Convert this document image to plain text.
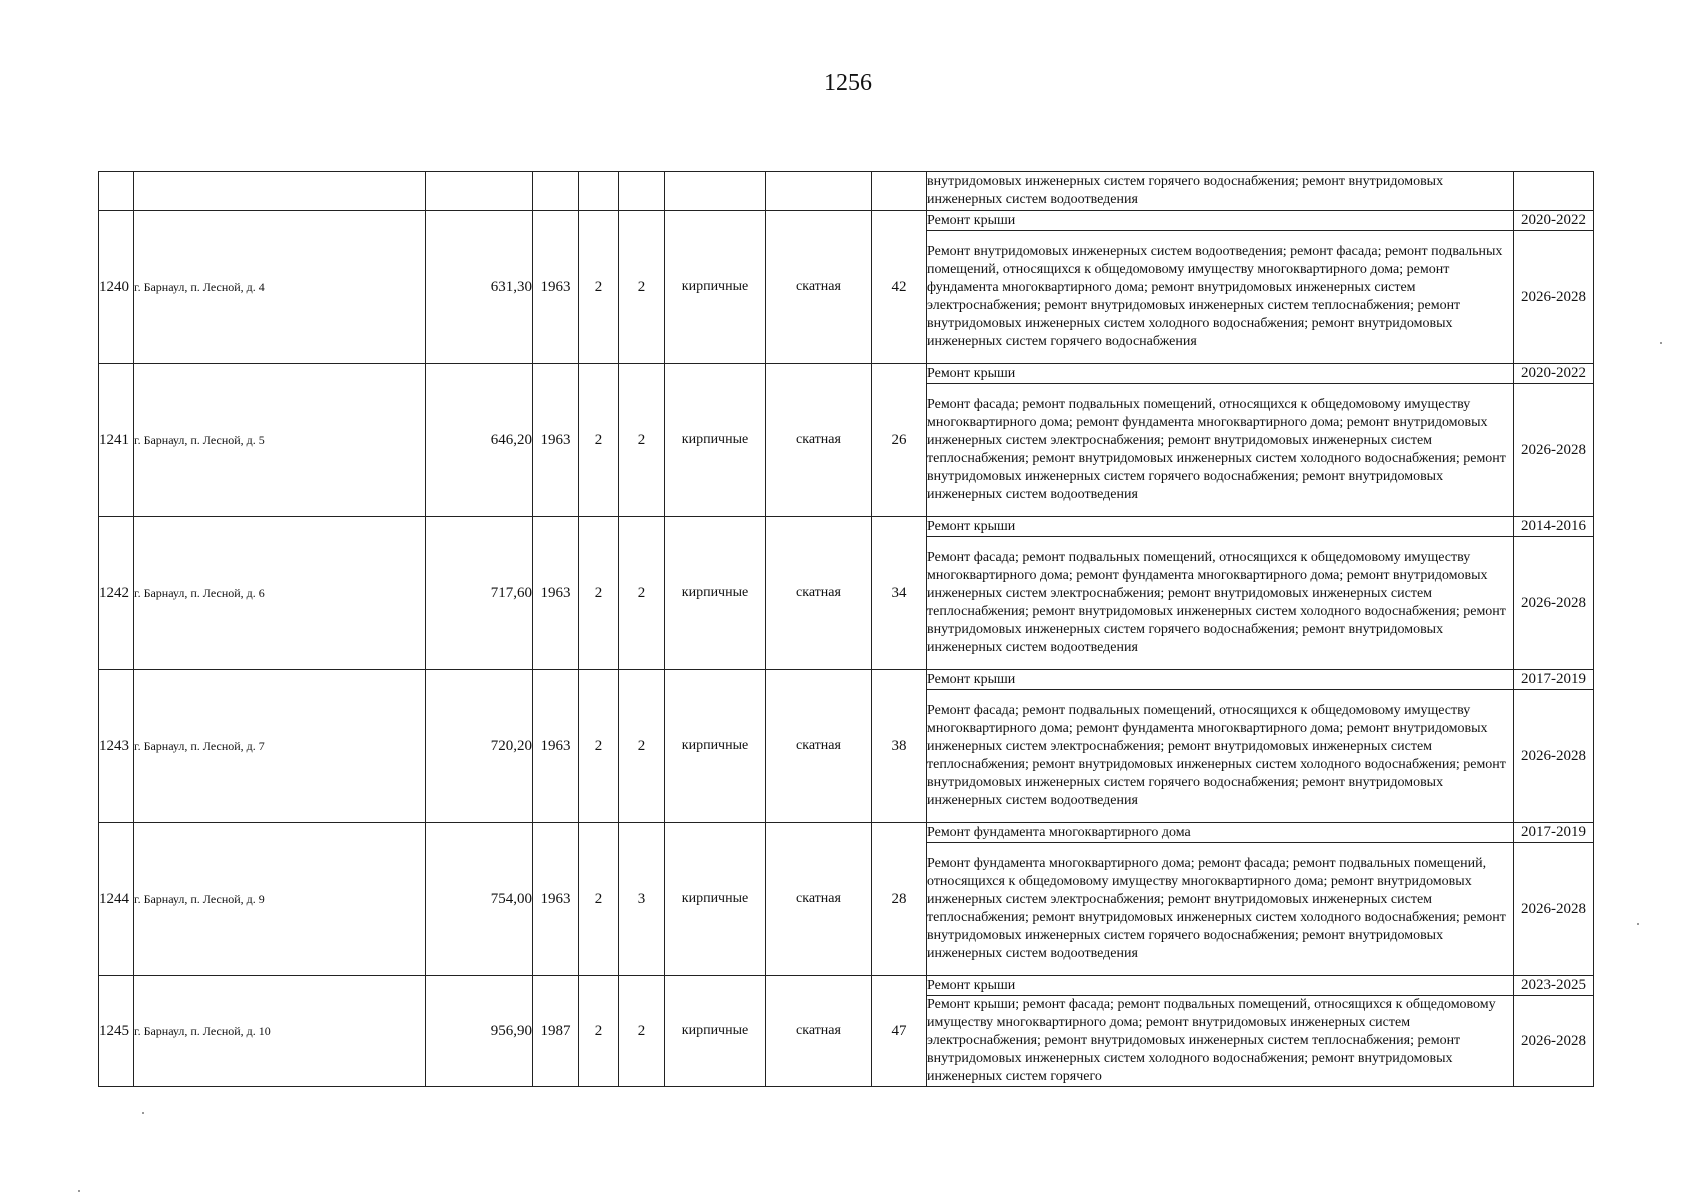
1256
									внутридомовых инженерных систем горячего водоснабжения; ремонт внутридомовых инженерных систем водоотведения	
1240	г. Барнаул, п. Лесной, д. 4	631,30	1963	2	2	кирпичные	скатная	42	Ремонт крыши	2020-2022
									Ремонт внутридомовых инженерных систем водоотведения; ремонт фасада; ремонт подвальных помещений, относящихся к общедомовому имуществу многоквартирного дома; ремонт фундамента многоквартирного дома; ремонт внутридомовых инженерных систем электроснабжения; ремонт внутридомовых инженерных систем теплоснабжения; ремонт внутридомовых инженерных систем холодного водоснабжения; ремонт внутридомовых инженерных систем горячего водоснабжения	2026-2028
1241	г. Барнаул, п. Лесной, д. 5	646,20	1963	2	2	кирпичные	скатная	26	Ремонт крыши	2020-2022
									Ремонт фасада; ремонт подвальных помещений, относящихся к общедомовому имуществу многоквартирного дома; ремонт фундамента многоквартирного дома; ремонт внутридомовых инженерных систем электроснабжения; ремонт внутридомовых инженерных систем теплоснабжения; ремонт внутридомовых инженерных систем холодного водоснабжения; ремонт внутридомовых инженерных систем горячего водоснабжения; ремонт внутридомовых инженерных систем водоотведения	2026-2028
1242	г. Барнаул, п. Лесной, д. 6	717,60	1963	2	2	кирпичные	скатная	34	Ремонт крыши	2014-2016
									Ремонт фасада; ремонт подвальных помещений, относящихся к общедомовому имуществу многоквартирного дома; ремонт фундамента многоквартирного дома; ремонт внутридомовых инженерных систем электроснабжения; ремонт внутридомовых инженерных систем теплоснабжения; ремонт внутридомовых инженерных систем холодного водоснабжения; ремонт внутридомовых инженерных систем горячего водоснабжения; ремонт внутридомовых инженерных систем водоотведения	2026-2028
1243	г. Барнаул, п. Лесной, д. 7	720,20	1963	2	2	кирпичные	скатная	38	Ремонт крыши	2017-2019
									Ремонт фасада; ремонт подвальных помещений, относящихся к общедомовому имуществу многоквартирного дома; ремонт фундамента многоквартирного дома; ремонт внутридомовых инженерных систем электроснабжения; ремонт внутридомовых инженерных систем теплоснабжения; ремонт внутридомовых инженерных систем холодного водоснабжения; ремонт внутридомовых инженерных систем горячего водоснабжения; ремонт внутридомовых инженерных систем водоотведения	2026-2028
1244	г. Барнаул, п. Лесной, д. 9	754,00	1963	2	3	кирпичные	скатная	28	Ремонт фундамента многоквартирного дома	2017-2019
									Ремонт фундамента многоквартирного дома; ремонт фасада; ремонт подвальных помещений, относящихся к общедомовому имуществу многоквартирного дома; ремонт внутридомовых инженерных систем электроснабжения; ремонт внутридомовых инженерных систем теплоснабжения; ремонт внутридомовых инженерных систем холодного водоснабжения; ремонт внутридомовых инженерных систем горячего водоснабжения; ремонт внутридомовых инженерных систем водоотведения	2026-2028
1245	г. Барнаул, п. Лесной, д. 10	956,90	1987	2	2	кирпичные	скатная	47	Ремонт крыши	2023-2025
									Ремонт крыши; ремонт фасада; ремонт подвальных помещений, относящихся к общедомовому имуществу многоквартирного дома; ремонт внутридомовых инженерных систем электроснабжения; ремонт внутридомовых инженерных систем теплоснабжения; ремонт внутридомовых инженерных систем холодного водоснабжения; ремонт внутридомовых инженерных систем горячего	2026-2028
